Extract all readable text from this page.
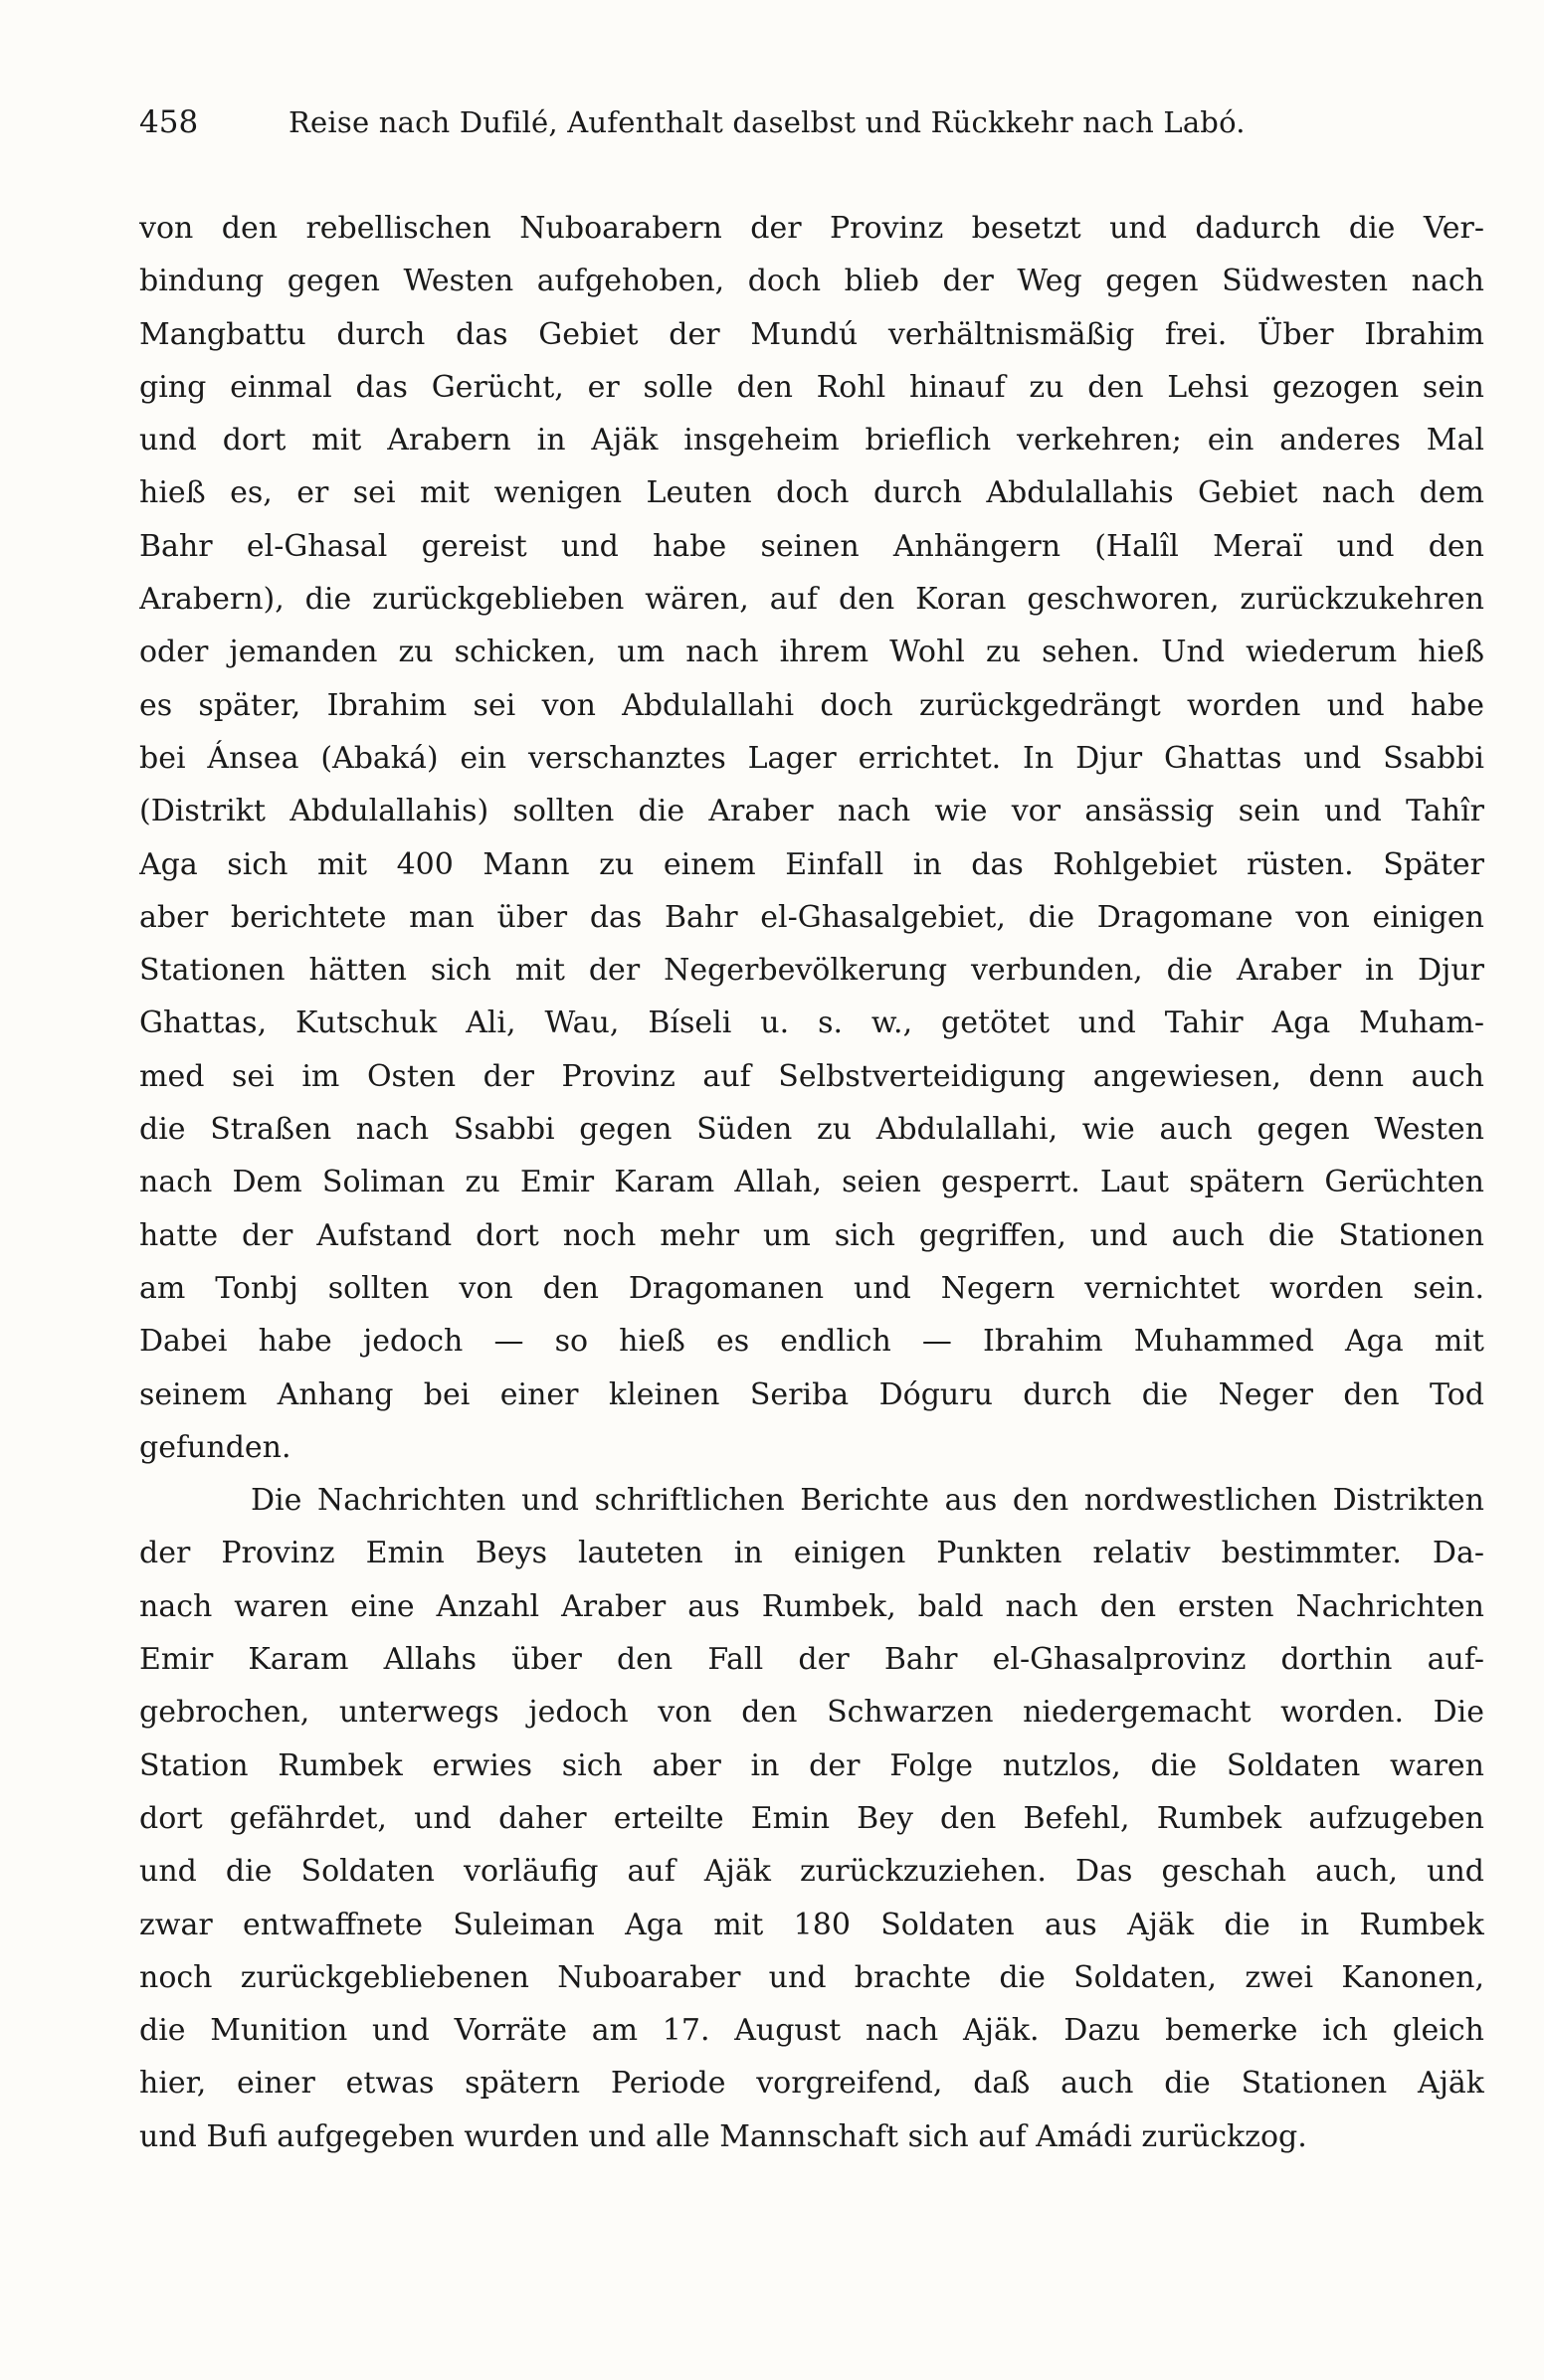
458	Reise nach Dufilé, Aufenthalt daselbst und Rückkehr nach Labó.
von den rebellischen Nuboarabern der Provinz besetzt und dadurch die Ver-
bindung gegen Westen aufgehoben, doch blieb der Weg gegen Südwesten nach
Mangbattu durch das Gebiet der Mundú verhältnismäßig frei. Über Ibrahim
ging einmal das Gerücht, er solle den Rohl hinauf zu den Lehsi gezogen sein
und dort mit Arabern in Ajäk insgeheim brieflich verkehren; ein anderes Mal
hieß es, er sei mit wenigen Leuten doch durch Abdulallahis Gebiet nach dem
Bahr el-Ghasal gereist und habe seinen Anhängern (Halîl Meraï und den
Arabern), die zurückgeblieben wären, auf den Koran geschworen, zurückzukehren
oder jemanden zu schicken, um nach ihrem Wohl zu sehen. Und wiederum hieß
es später, Ibrahim sei von Abdulallahi doch zurückgedrängt worden und habe
bei Ánsea (Abaká) ein verschanztes Lager errichtet. In Djur Ghattas und Ssabbi
(Distrikt Abdulallahis) sollten die Araber nach wie vor ansässig sein und Tahîr
Aga sich mit 400 Mann zu einem Einfall in das Rohlgebiet rüsten. Später
aber berichtete man über das Bahr el-Ghasalgebiet, die Dragomane von einigen
Stationen hätten sich mit der Negerbevölkerung verbunden, die Araber in Djur
Ghattas, Kutschuk Ali, Wau, Bíseli u. s. w., getötet und Tahir Aga Muham-
med sei im Osten der Provinz auf Selbstverteidigung angewiesen, denn auch
die Straßen nach Ssabbi gegen Süden zu Abdulallahi, wie auch gegen Westen
nach Dem Soliman zu Emir Karam Allah, seien gesperrt. Laut spätern Gerüchten
hatte der Aufstand dort noch mehr um sich gegriffen, und auch die Stationen
am Tonbj sollten von den Dragomanen und Negern vernichtet worden sein.
Dabei habe jedoch — so hieß es endlich — Ibrahim Muhammed Aga mit
seinem Anhang bei einer kleinen Seriba Dóguru durch die Neger den Tod
gefunden.
Die Nachrichten und schriftlichen Berichte aus den nordwestlichen Distrikten
der Provinz Emin Beys lauteten in einigen Punkten relativ bestimmter. Da-
nach waren eine Anzahl Araber aus Rumbek, bald nach den ersten Nachrichten
Emir Karam Allahs über den Fall der Bahr el-Ghasalprovinz dorthin auf-
gebrochen, unterwegs jedoch von den Schwarzen niedergemacht worden. Die
Station Rumbek erwies sich aber in der Folge nutzlos, die Soldaten waren
dort gefährdet, und daher erteilte Emin Bey den Befehl, Rumbek aufzugeben
und die Soldaten vorläufig auf Ajäk zurückzuziehen. Das geschah auch, und
zwar entwaffnete Suleiman Aga mit 180 Soldaten aus Ajäk die in Rumbek
noch zurückgebliebenen Nuboaraber und brachte die Soldaten, zwei Kanonen,
die Munition und Vorräte am 17. August nach Ajäk. Dazu bemerke ich gleich
hier, einer etwas spätern Periode vorgreifend, daß auch die Stationen Ajäk
und Bufi aufgegeben wurden und alle Mannschaft sich auf Amádi zurückzog.
